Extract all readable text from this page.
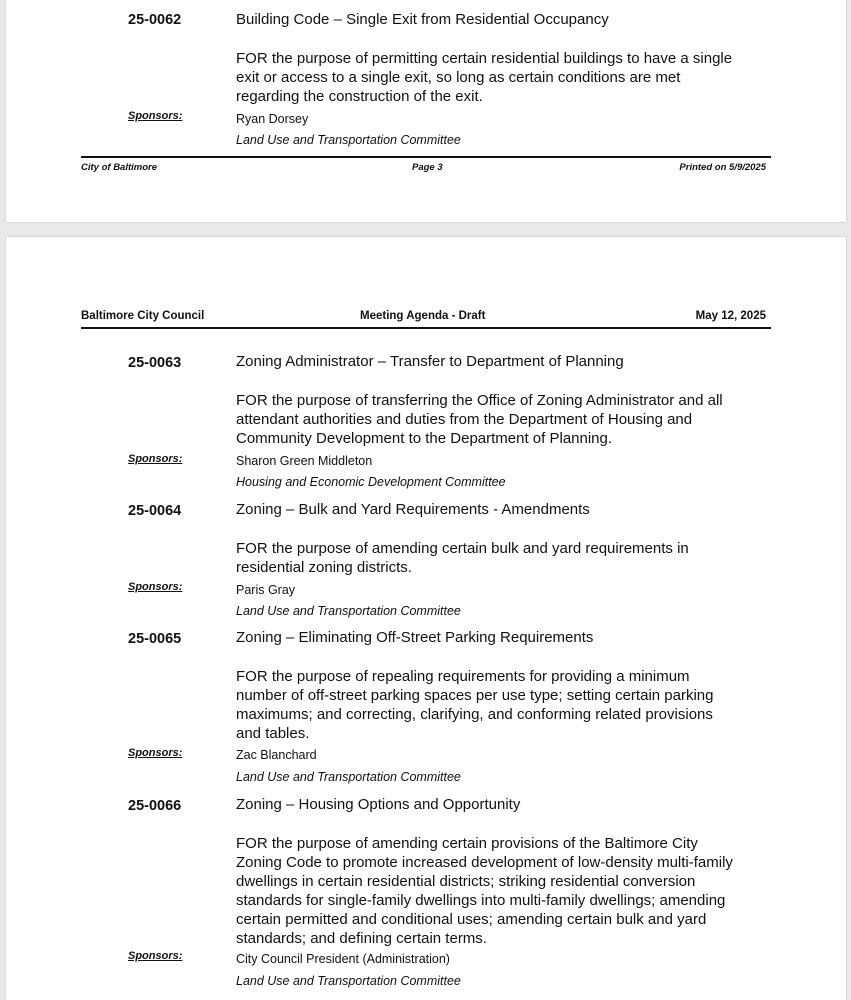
25-0062	Building Code – Single Exit from Residential Occupancy
FOR the purpose of permitting certain residential buildings to have a single exit or access to a single exit, so long as certain conditions are met regarding the construction of the exit.
Sponsors:	Ryan Dorsey
Land Use and Transportation Committee
City of Baltimore	Page 3	Printed on 5/9/2025
Baltimore City Council	Meeting Agenda - Draft	May 12, 2025
25-0063	Zoning Administrator – Transfer to Department of Planning
FOR the purpose of transferring the Office of Zoning Administrator and all attendant authorities and duties from the Department of Housing and Community Development to the Department of Planning.
Sponsors:	Sharon Green Middleton
Housing and Economic Development Committee
25-0064	Zoning – Bulk and Yard Requirements - Amendments
FOR the purpose of amending certain bulk and yard requirements in residential zoning districts.
Sponsors:	Paris Gray
Land Use and Transportation Committee
25-0065	Zoning – Eliminating Off-Street Parking Requirements
FOR the purpose of repealing requirements for providing a minimum number of off-street parking spaces per use type; setting certain parking maximums; and correcting, clarifying, and conforming related provisions and tables.
Sponsors:	Zac Blanchard
Land Use and Transportation Committee
25-0066	Zoning – Housing Options and Opportunity
FOR the purpose of amending certain provisions of the Baltimore City Zoning Code to promote increased development of low-density multi-family dwellings in certain residential districts; striking residential conversion standards for single-family dwellings into multi-family dwellings; amending certain permitted and conditional uses; amending certain bulk and yard standards; and defining certain terms.
Sponsors:	City Council President (Administration)
Land Use and Transportation Committee
